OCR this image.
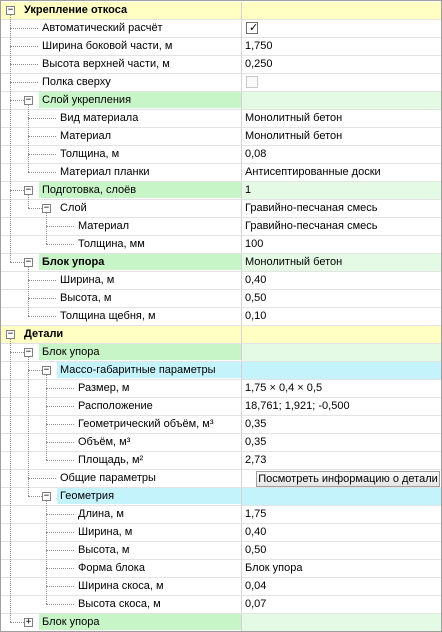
− Укрепление откоса
Автоматический расчёт	✓
Ширина боковой части, м	1,750
Высота верхней части, м	0,250
Полка сверху
− Слой укрепления
Вид материала	Монолитный бетон
Материал	Монолитный бетон
Толщина, м	0,08
Материал планки	Антисептированные доски
− Подготовка, слоёв	1
− Слой	Гравийно-песчаная смесь
Материал	Гравийно-песчаная смесь
Толщина, мм	100
− Блок упора	Монолитный бетон
Ширина, м	0,40
Высота, м	0,50
Толщина щебня, м	0,10
− Детали
− Блок упора
− Массо-габаритные параметры
Размер, м	1,75 × 0,4 × 0,5
Расположение	18,761; 1,921; -0,500
Геометрический объём, м³	0,35
Объём, м³	0,35
Площадь, м²	2,73
Общие параметры	Посмотреть информацию о детали
− Геометрия
Длина, м	1,75
Ширина, м	0,40
Высота, м	0,50
Форма блока	Блок упора
Ширина скоса, м	0,04
Высота скоса, м	0,07
+ Блок упора
